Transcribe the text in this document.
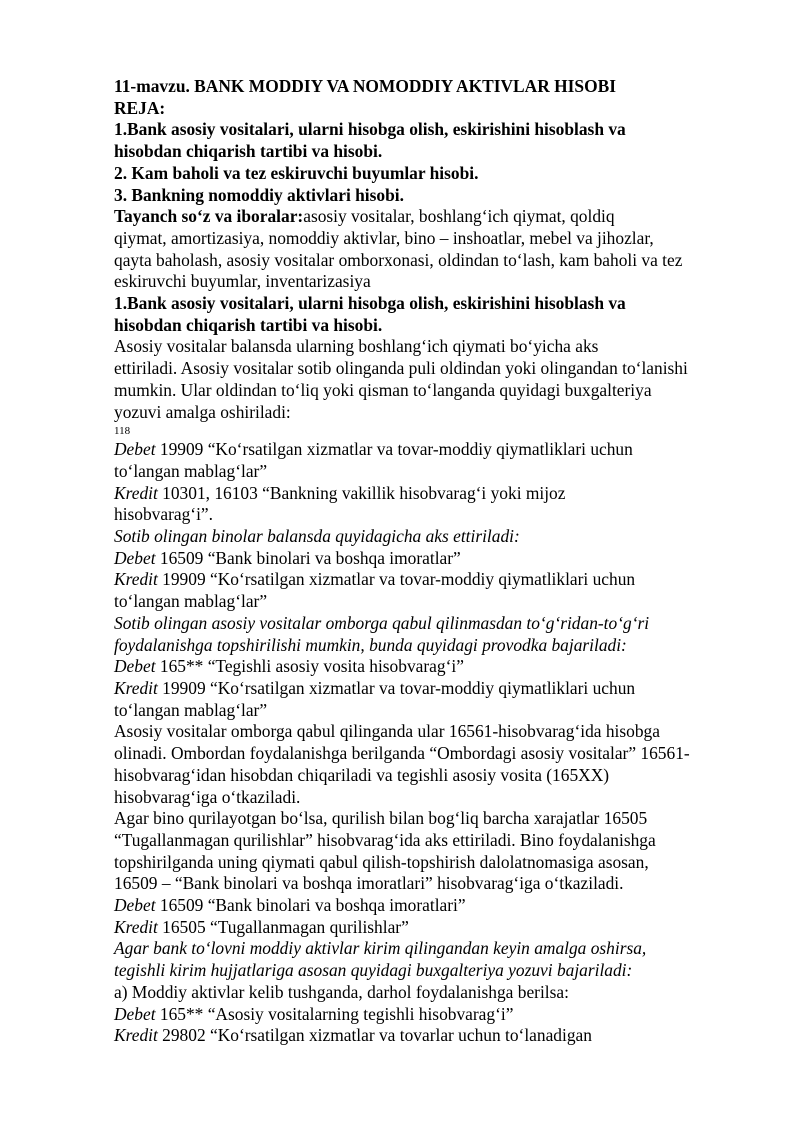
11-mavzu. BANK MODDIY VA NOMODDIY AKTIVLAR HISOBI
REJA:
1.Bank asosiy vositalari, ularni hisobga olish, eskirishini hisoblash va
hisobdan chiqarish tartibi va hisobi.
2. Kam baholi va tez eskiruvchi buyumlar hisobi.
3. Bankning nomoddiy aktivlari hisobi.
Tayanch soʻz va iboralar:asosiy vositalar, boshlangʻich qiymat, qoldiq
qiymat, amortizasiya, nomoddiy aktivlar, bino – inshoatlar, mebel va jihozlar,
qayta baholash, asosiy vositalar omborxonasi, oldindan toʻlash, kam baholi va tez
eskiruvchi buyumlar, inventarizasiya
1.Bank asosiy vositalari, ularni hisobga olish, eskirishini hisoblash va
hisobdan chiqarish tartibi va hisobi.
Asosiy vositalar balansda ularning boshlangʻich qiymati boʻyicha aks
ettiriladi. Asosiy vositalar sotib olinganda puli oldindan yoki olingandan toʻlanishi
mumkin. Ular oldindan toʻliq yoki qisman toʻlanganda quyidagi buxgalteriya
yozuvi amalga oshiriladi:
118
Debet 19909 “Koʻrsatilgan xizmatlar va tovar-moddiy qiymatliklari uchun
toʻlangan mablagʻlar”
Kredit 10301, 16103 “Bankning vakillik hisobvaragʻi yoki mijoz
hisobvaragʻi”.
Sotib olingan binolar balansda quyidagicha aks ettiriladi:
Debet 16509 “Bank binolari va boshqa imoratlar”
Kredit 19909 “Koʻrsatilgan xizmatlar va tovar-moddiy qiymatliklari uchun
toʻlangan mablagʻlar”
Sotib olingan asosiy vositalar omborga qabul qilinmasdan toʻgʻridan-toʻgʻri
foydalanishga topshirilishi mumkin, bunda quyidagi provodka bajariladi:
Debet 165** “Tegishli asosiy vosita hisobvaragʻi”
Kredit 19909 “Koʻrsatilgan xizmatlar va tovar-moddiy qiymatliklari uchun
toʻlangan mablagʻlar”
Asosiy vositalar omborga qabul qilinganda ular 16561-hisobvaragʻida hisobga
olinadi. Ombordan foydalanishga berilganda “Ombordagi asosiy vositalar” 16561-
hisobvaragʻidan hisobdan chiqariladi va tegishli asosiy vosita (165XX)
hisobvaragʻiga oʻtkaziladi.
Agar bino qurilayotgan boʻlsa, qurilish bilan bogʻliq barcha xarajatlar 16505
“Tugallanmagan qurilishlar” hisobvaragʻida aks ettiriladi. Bino foydalanishga
topshirilganda uning qiymati qabul qilish-topshirish dalolatnomasiga asosan,
16509 – “Bank binolari va boshqa imoratlari” hisobvaragʻiga oʻtkaziladi.
Debet 16509 “Bank binolari va boshqa imoratlari”
Kredit 16505 “Tugallanmagan qurilishlar”
Agar bank toʻlovni moddiy aktivlar kirim qilingandan keyin amalga oshirsa,
tegishli kirim hujjatlariga asosan quyidagi buxgalteriya yozuvi bajariladi:
a) Moddiy aktivlar kelib tushganda, darhol foydalanishga berilsa:
Debet 165** “Asosiy vositalarning tegishli hisobvaragʻi”
Kredit 29802 “Koʻrsatilgan xizmatlar va tovarlar uchun toʻlanadigan
